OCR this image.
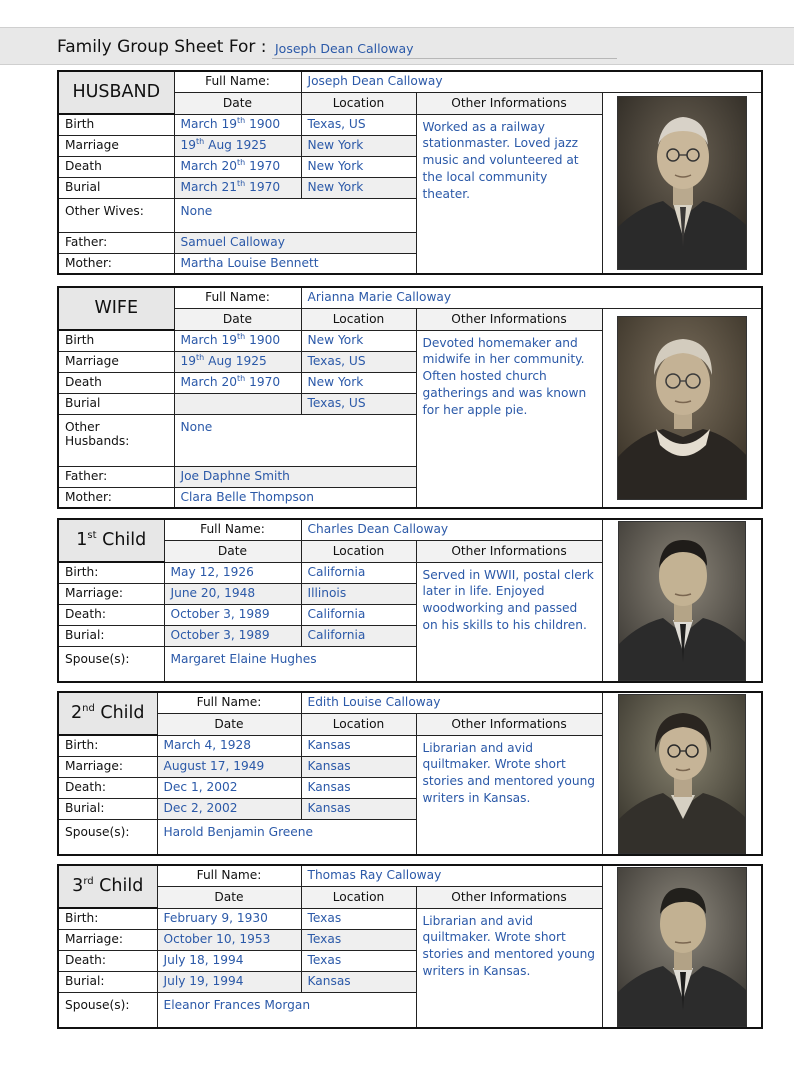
Family Group Sheet For : Joseph Dean Calloway
HUSBAND	Full Name:	Joseph Dean Calloway		
	Date	Location	Other Informations	

Birth	March 19th 1900	Texas, US	Worked as a railway stationmaster. Loved jazz music and volunteered at the local community theater.	
Marriage	19th Aug 1925	New York		
Death	March 20th 1970	New York		
Burial	March 21th 1970	New York		
Other Wives:	None			
Father:	Samuel Calloway			
Mother:	Martha Louise Bennett			
WIFE	Full Name:	Arianna Marie Calloway		
	Date	Location	Other Informations	

Birth	March 19th 1900	New York	Devoted homemaker and midwife in her community. Often hosted church gatherings and was known for her apple pie.	
Marriage	19th Aug 1925	Texas, US		
Death	March 20th 1970	New York		
Burial		Texas, US		
Other Husbands:	None			
Father:	Joe Daphne Smith			
Mother:	Clara Belle Thompson			
1st Child	Full Name:	Charles Dean Calloway	

	Date	Location	Other Informations	
Birth:	May 12, 1926	California	Served in WWII, postal clerk later in life. Enjoyed woodworking and passed on his skills to his children.	
Marriage:	June 20, 1948	Illinois		
Death:	October 3, 1989	California		
Burial:	October 3, 1989	California		
Spouse(s):	Margaret Elaine Hughes			
2nd Child	Full Name:	Edith Louise Calloway	

	Date	Location	Other Informations	
Birth:	March 4, 1928	Kansas	Librarian and avid quiltmaker. Wrote short stories and mentored young writers in Kansas.	
Marriage:	August 17, 1949	Kansas		
Death:	Dec 1, 2002	Kansas		
Burial:	Dec 2, 2002	Kansas		
Spouse(s):	Harold Benjamin Greene			
3rd Child	Full Name:	Thomas Ray Calloway	

	Date	Location	Other Informations	
Birth:	February 9, 1930	Texas	Librarian and avid quiltmaker. Wrote short stories and mentored young writers in Kansas.	
Marriage:	October 10, 1953	Texas		
Death:	July 18, 1994	Texas		
Burial:	July 19, 1994	Kansas		
Spouse(s):	Eleanor Frances Morgan			
